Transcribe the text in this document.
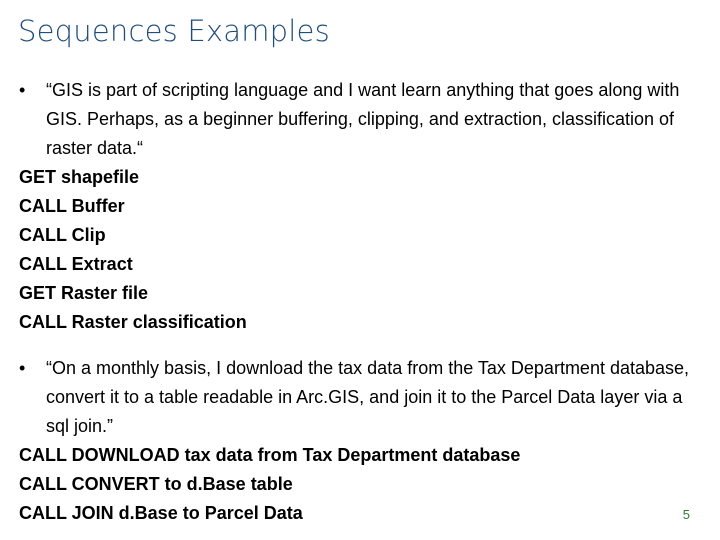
Sequences Examples
• “GIS is part of scripting language and I want learn anything that goes along with GIS. Perhaps, as a beginner buffering, clipping, and extraction, classification of raster data.“
GET shapefile
CALL Buffer
CALL Clip
CALL Extract
GET Raster file
CALL Raster classification
• “On a monthly basis, I download the tax data from the Tax Department database, convert it to a table readable in Arc.GIS, and join it to the Parcel Data layer via a sql join.”
CALL DOWNLOAD tax data from Tax Department database
CALL CONVERT to d.Base table
CALL JOIN d.Base to Parcel Data	5
